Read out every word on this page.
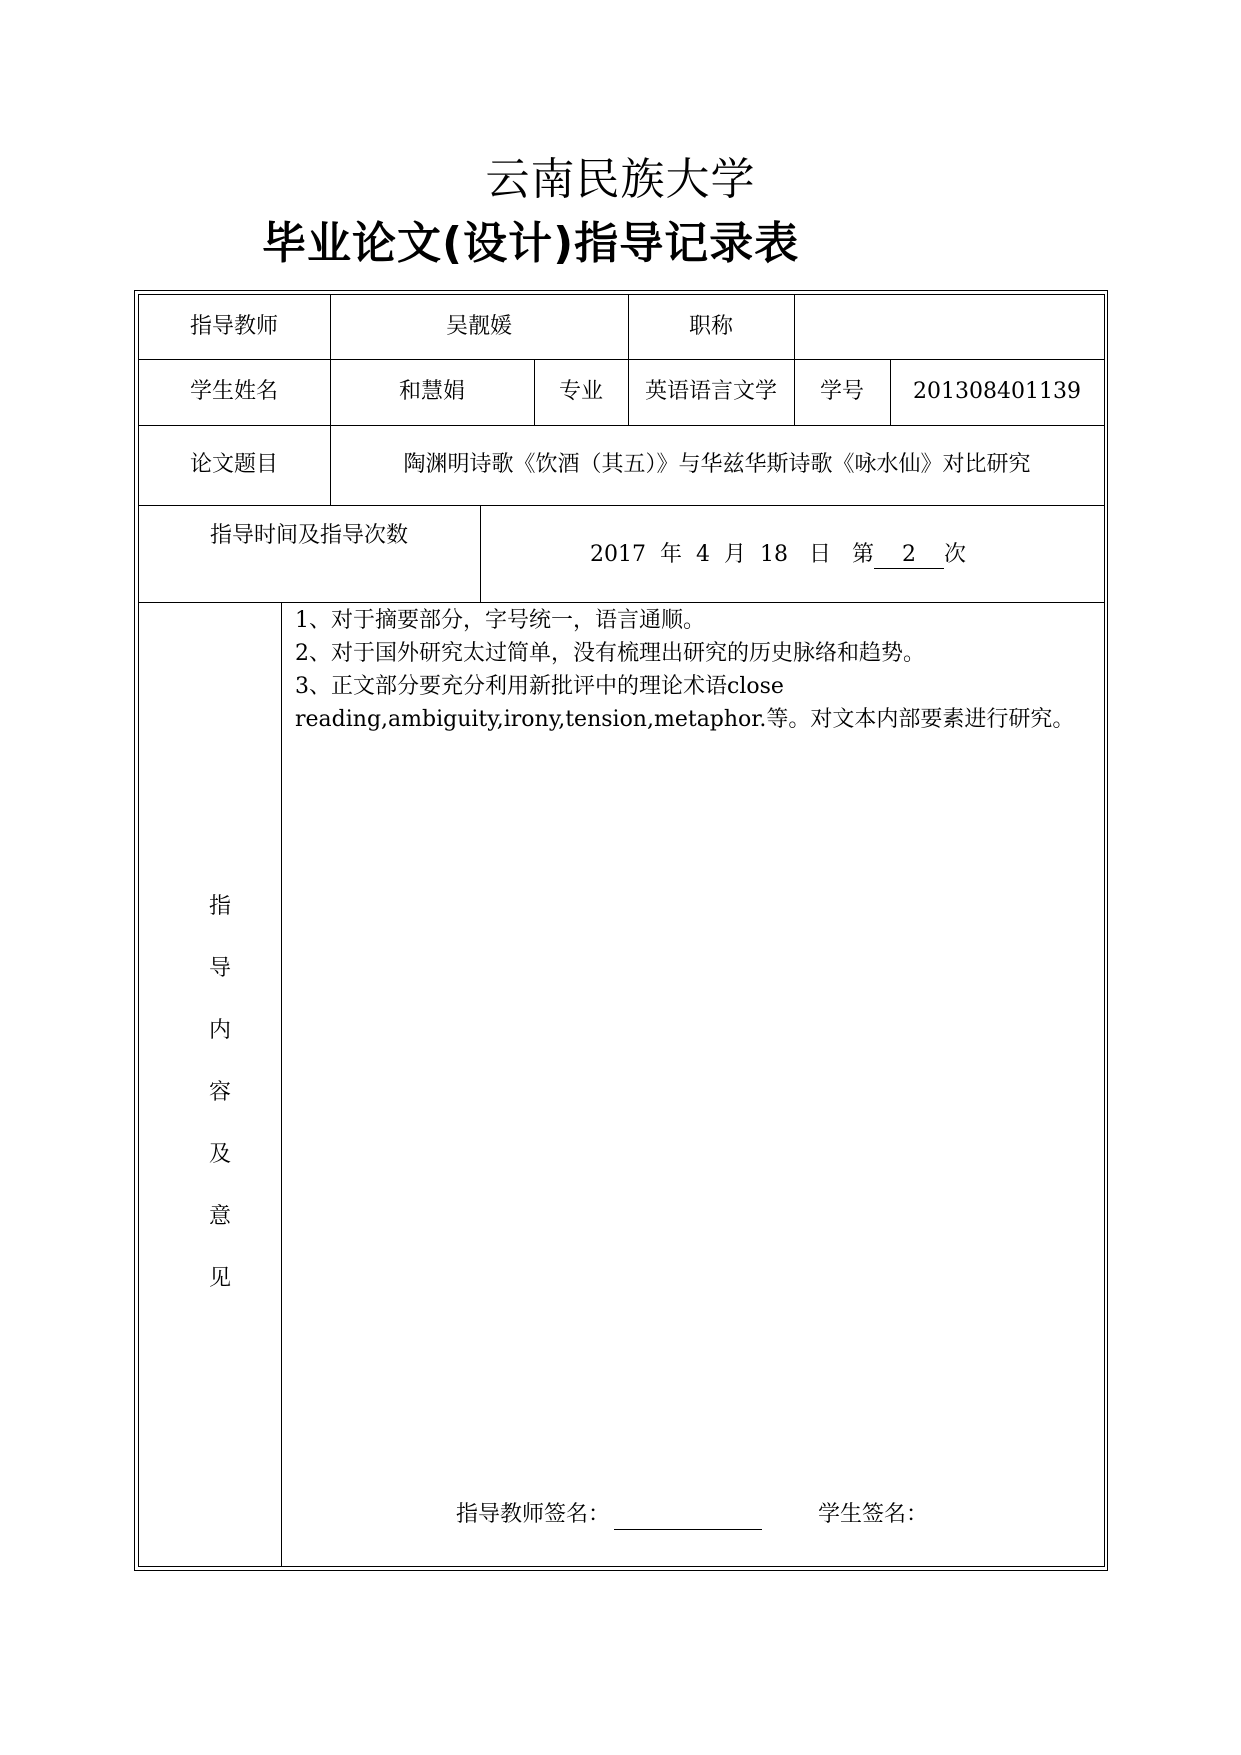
云南民族大学
毕业论文(设计)指导记录表
指导教师	吴靓媛	职称
学生姓名	和慧娟	专业	英语语言文学	学号	201308401139
论文题目	陶渊明诗歌《饮酒（其五）》与华兹华斯诗歌《咏水仙》对比研究
指导时间及指导次数
2017 年 4 月 18 日 第 2 次
指
导
内
容
及
意
见
1、对于摘要部分，字号统一，语言通顺。
2、对于国外研究太过简单，没有梳理出研究的历史脉络和趋势。
3、正文部分要充分利用新批评中的理论术语close
reading,ambiguity,irony,tension,metaphor.等。对文本内部要素进行研究。
指导教师签名：	学生签名：
